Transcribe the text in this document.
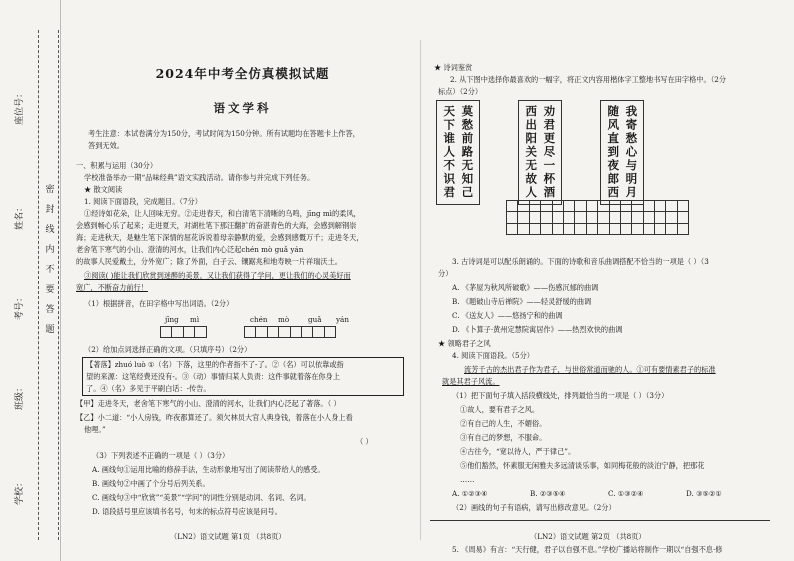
座位号：
姓名：
考号：
班级：
学校：
密封线内不要答题
2024年中考全仿真模拟试题
语文学科
考生注意：本试卷满分为150分，考试时间为150分钟。所有试题均在答题卡上作答，
答到无效。
一、积累与运用（30分）
学校准备举办一期“品味经典”语文实践活动。请你参与并完成下列任务。
★ 散文阅读
1. 阅读下面语段，完成题目。（7分）
①经诗如花朵，让人回味无穷。②走进春天，和白清笔下清晰的乌鸣，jīng mì的柔风，
会感到畅心乐了起来；走进夏天，对湖杜笔下那汪翻扩的奋湛青色的大海，会感到解钢崇
海；走进秋天，是魅生笔下深情的屈花诉说着母亲静默的爱，会感到感慨万千；走进冬天，
老舍笔下寒气的小山、澄清的河水，让我们内心泛起chén mò guǎ yán
的故事人民爱戴土，分外宽广；除了外面，白子云、镶踞兆和地寿映一片祥瑞沃土。
③阅读( )能让我们欣赏到迷醉的美景，又让我们获得了学问，更让我们的心灵美好而
宽广，不断奋力前行！
（1）根据拼音，在田字格中写出词语。（2分）
jīng mì	chén mò	guǎ yán

（2）给加点词选择正确的文项。（只填序号）（2分）
【著落】zhuó luò ①（名）下落，这里的作者指不了-了。②（名）可以依靠或指
望的来源：这笔经费还没有-。③（动）事情归某人负责：这件事就着落在你身上
了。④（名）多见于平刷白话：-传告。
【甲】走进冬天，老舍笔下寒气的小山、澄清的河水，让我们内心泛起了著落。（ ）
【乙】小二道：“小人房钱，昨夜都算还了。须欠林员大官人典身钱，着落在小人身上看
他哩。”
（ ）
（3）下列表述不正确的一项是（ ）（3分）
A. 画线句①运用比喻的修辞手法，生动形象地写出了阅读带给人的感受。
B. 画线句②中画了个分号后列关系。
C. 画线句③中“欣赏”“美景”“学问”的词性分别是动词、名词、名词。
D. 语段括号里应该填书名号，句末的标点符号应该是问号。
（LN2）语文试题 第1页 （共8页）
★ 诗词鉴赏
2. 从下图中选择你最喜欢的一幅字，将正文内容用楷体字工整地书写在田字格中。（2分
标点）（2分）
我寄愁心与明月
随风直到夜郎西
劝君更尽一杯酒
西出阳关无故人
莫愁前路无知己
天下谁人不识君

3. 古诗词是可以配乐朗诵的。下面的诗歌和音乐曲调搭配不恰当的一项是（ ）（3
分）
A. 《茅屋为秋风所破歌》——伤感沉郁的曲调
B. 《题破山寺后禅院》——轻灵舒缓的曲调
C. 《送友人》——悠扬宁和的曲调
D. 《卜算子·黄州定慧院寓居作》——热烈欢快的曲调
★ 领略君子之风
4. 阅读下面语段。（5分）
流芳千古的杰出君子作为君子，与世俗常道而驰的人。①可有要情素君子的标准
就是其君子风流。
（1）把下面句子填入括段横线处，排列最恰当的一项是（ ）（3分）
①故人，要有君子之风。
②有自己的人生，不媚俗。
③有自己的梦想，不服命。
④古往今，“宽以待人，严于律己”。
⑤他们豁然，怀素服无闲雅夫多远清谈乐事，如同梅花般的淡泊宁静，把那花
……
A. ①②③④	B. ②③⑤④	C. ①③②④	D. ③⑤②①
（2）画线的句子有语病，请写出修改意见。（2分）
5. 《周易》有言：“天行健，君子以自强不息。”学校广播站将制作一期以“自强不息·修
（LN2）语文试题 第2页 （共8页）
